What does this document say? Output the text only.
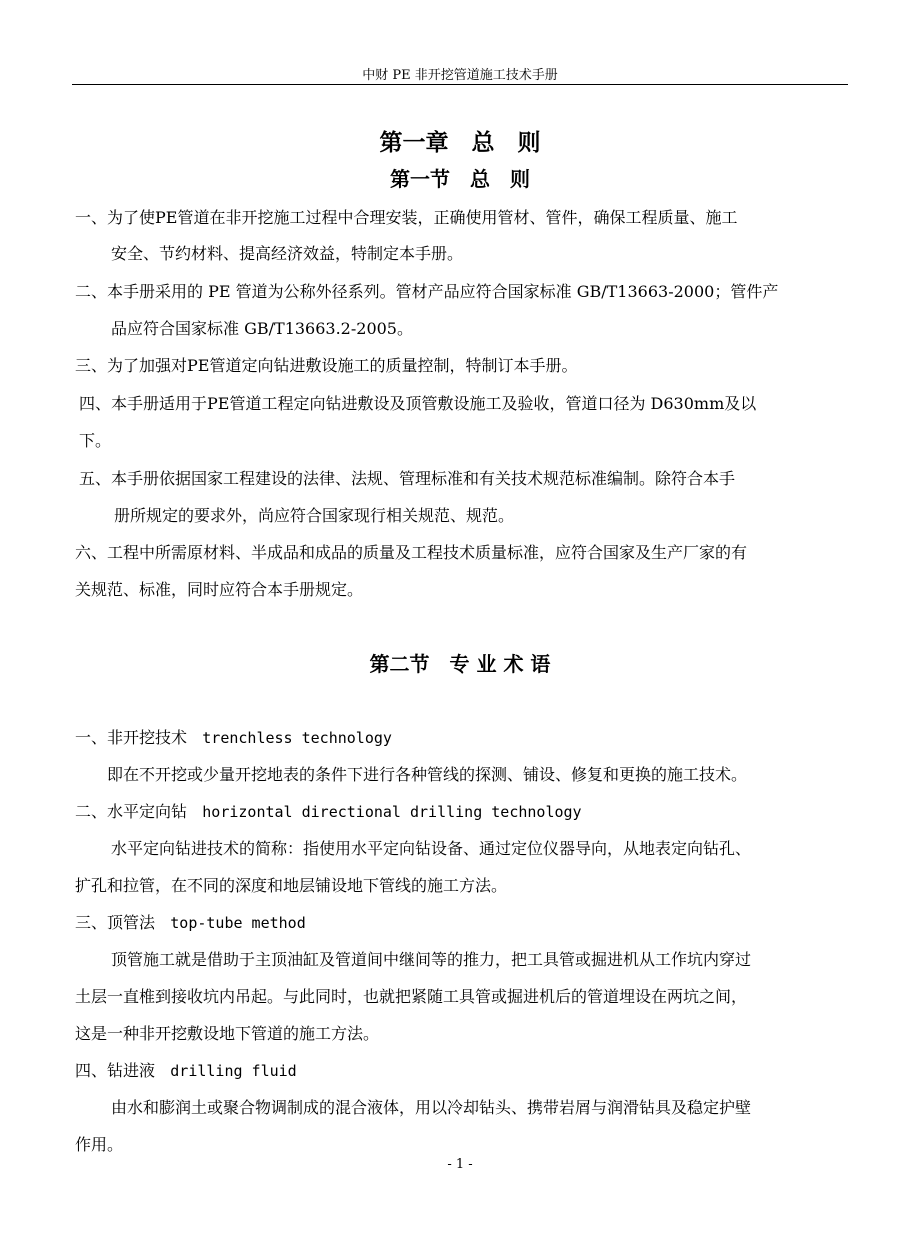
中财 PE 非开挖管道施工技术手册
第一章　总　则
第一节　总　则
一、为了使PE管道在非开挖施工过程中合理安装，正确使用管材、管件，确保工程质量、施工
安全、节约材料、提高经济效益，特制定本手册。
二、本手册采用的 PE 管道为公称外径系列。管材产品应符合国家标准 GB/T13663-2000；管件产
品应符合国家标准 GB/T13663.2-2005。
三、为了加强对PE管道定向钻进敷设施工的质量控制，特制订本手册。
四、本手册适用于PE管道工程定向钻进敷设及顶管敷设施工及验收，管道口径为 D630mm及以
下。
五、本手册依据国家工程建设的法律、法规、管理标准和有关技术规范标准编制。除符合本手
册所规定的要求外，尚应符合国家现行相关规范、规范。
六、工程中所需原材料、半成品和成品的质量及工程技术质量标准，应符合国家及生产厂家的有
关规范、标准，同时应符合本手册规定。
第二节　专 业 术 语
一、非开挖技术 trenchless technology
即在不开挖或少量开挖地表的条件下进行各种管线的探测、铺设、修复和更换的施工技术。
二、水平定向钻 horizontal directional drilling technology
水平定向钻进技术的简称：指使用水平定向钻设备、通过定位仪器导向，从地表定向钻孔、
扩孔和拉管，在不同的深度和地层铺设地下管线的施工方法。
三、顶管法 top-tube method
顶管施工就是借助于主顶油缸及管道间中继间等的推力，把工具管或掘进机从工作坑内穿过
土层一直椎到接收坑内吊起。与此同时，也就把紧随工具管或掘进机后的管道埋设在两坑之间，
这是一种非开挖敷设地下管道的施工方法。
四、钻进液 drilling fluid
由水和膨润土或聚合物调制成的混合液体，用以冷却钻头、携带岩屑与润滑钻具及稳定护壁
作用。
- 1 -
